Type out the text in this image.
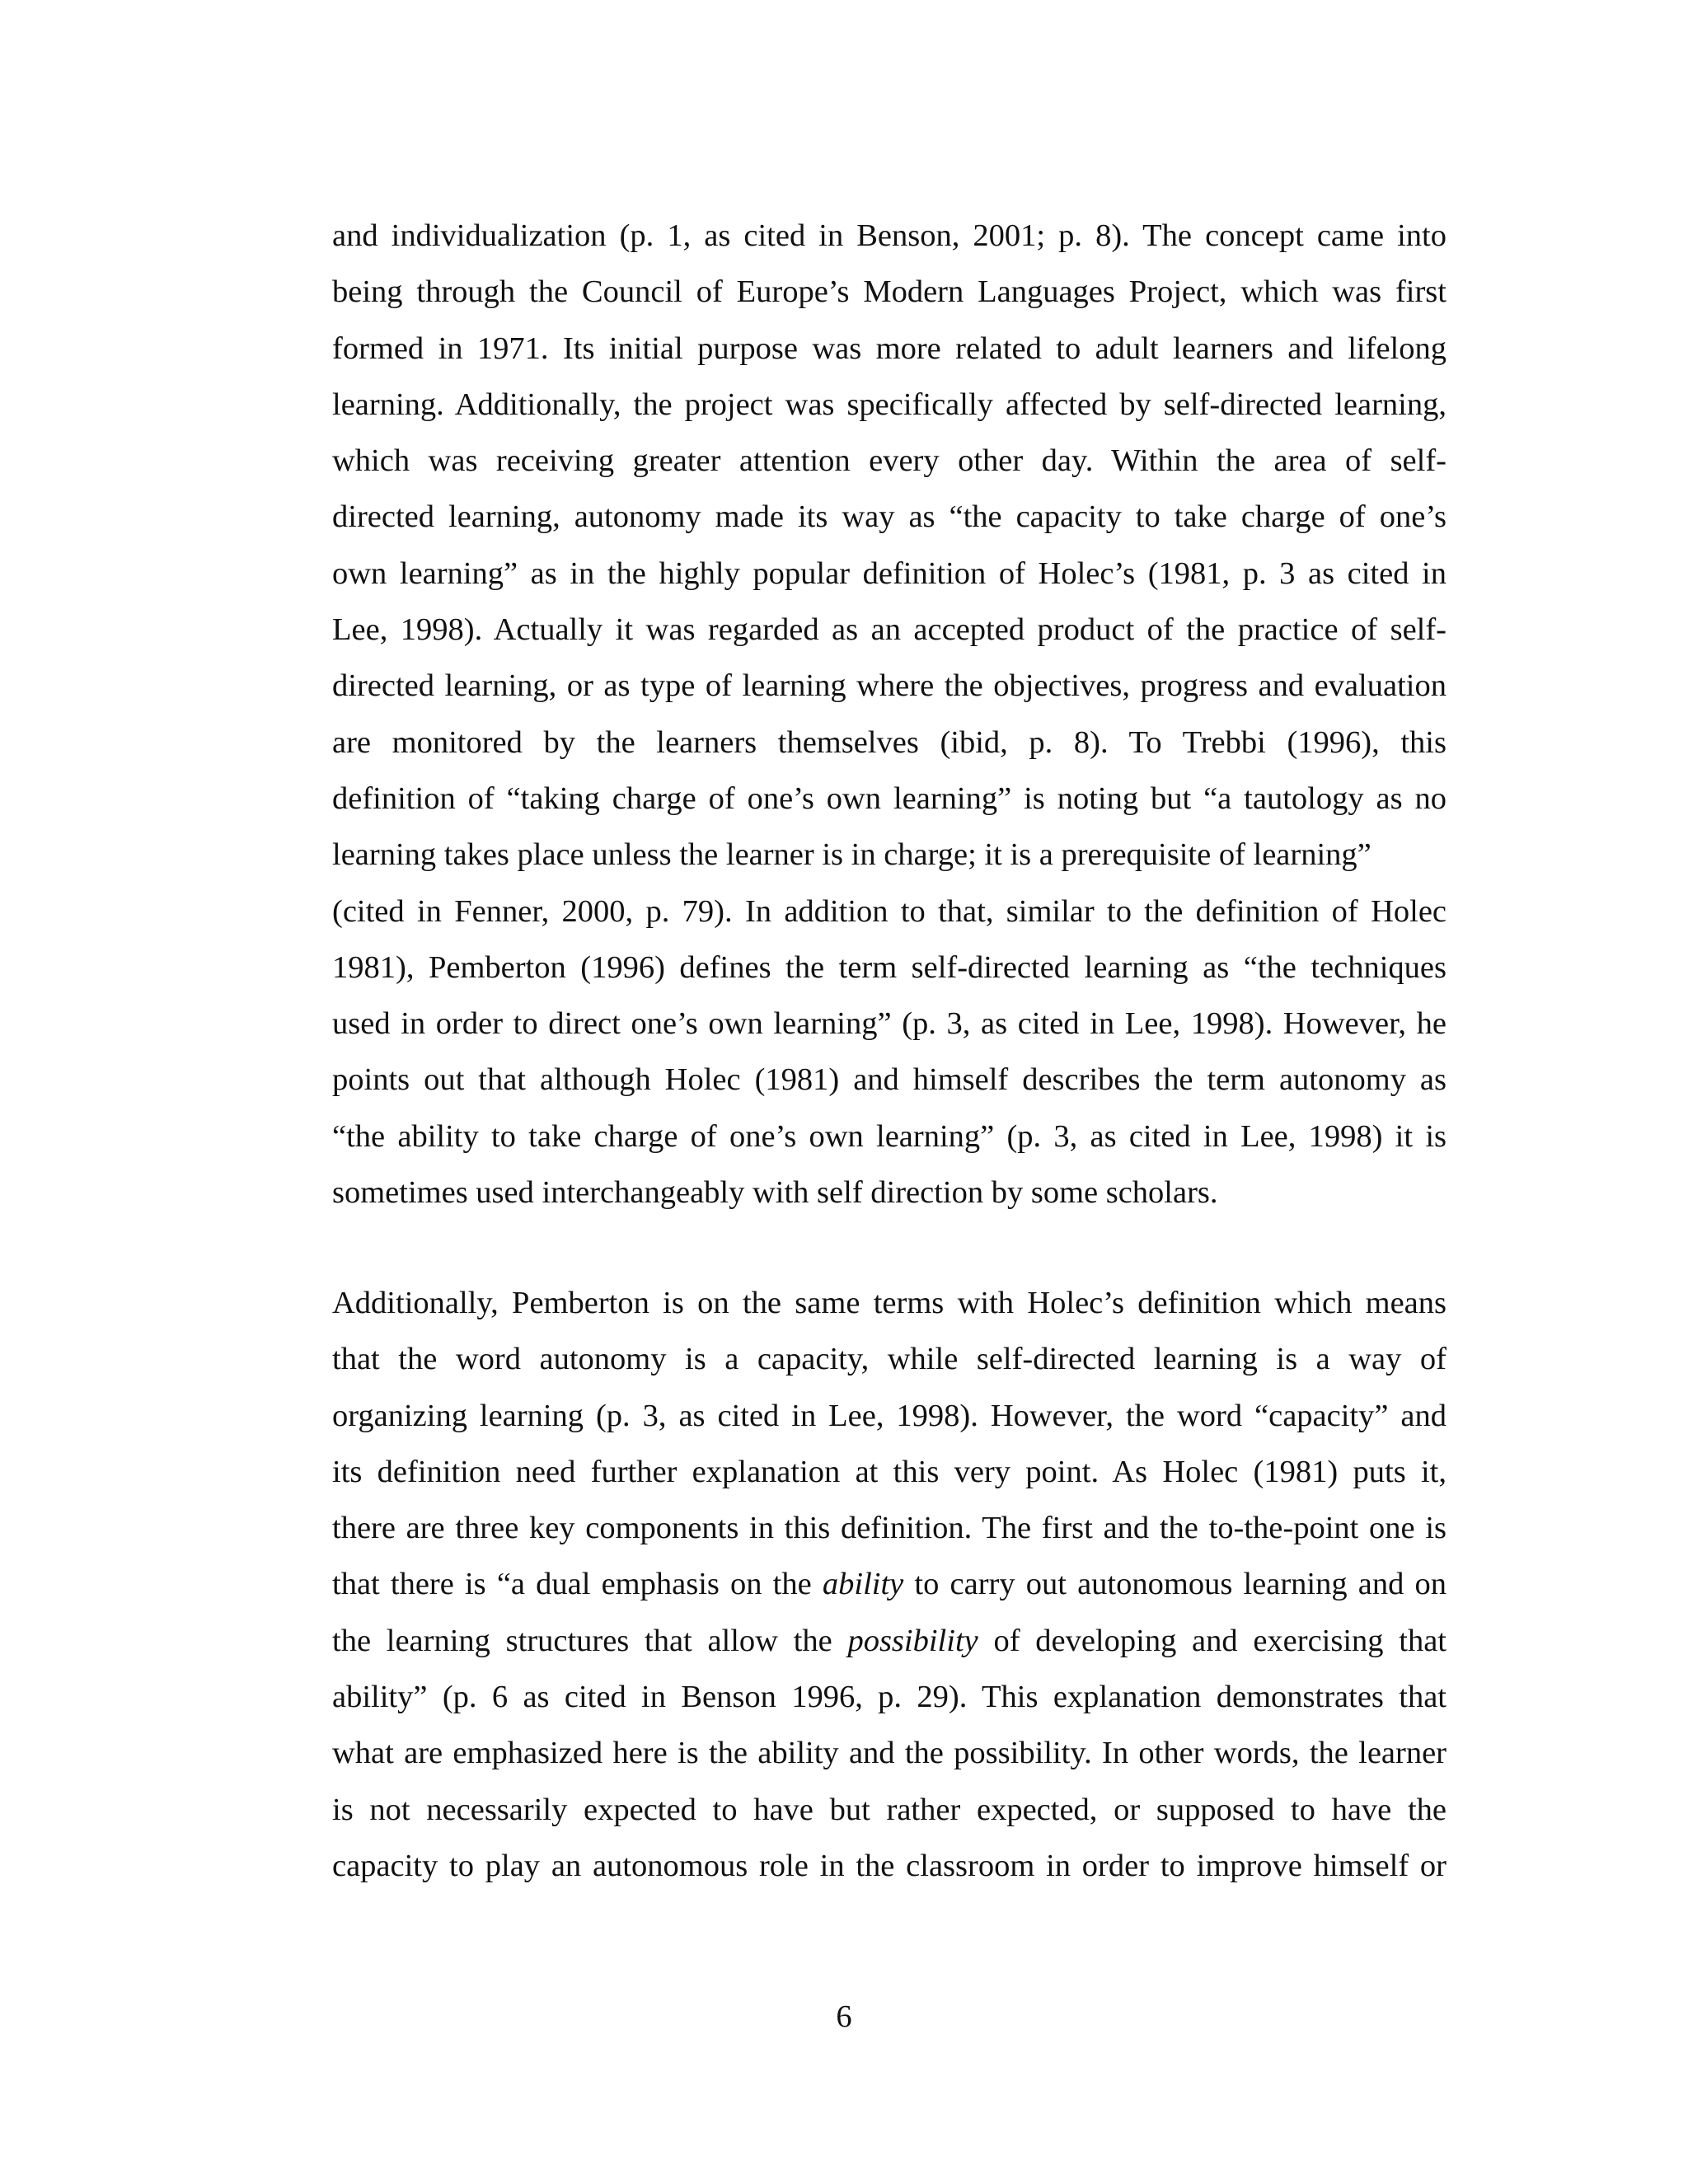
and individualization (p. 1, as cited in Benson, 2001; p. 8). The concept came into
being through the Council of Europe’s Modern Languages Project, which was first
formed in 1971. Its initial purpose was more related to adult learners and lifelong
learning. Additionally, the project was specifically affected by self-directed learning,
which was receiving greater attention every other day. Within the area of self-
directed learning, autonomy made its way as “the capacity to take charge of one’s
own learning” as in the highly popular definition of Holec’s (1981, p. 3 as cited in
Lee, 1998). Actually it was regarded as an accepted product of the practice of self-
directed learning, or as type of learning where the objectives, progress and evaluation
are monitored by the learners themselves (ibid, p. 8). To Trebbi (1996), this
definition of “taking charge of one’s own learning” is noting but “a tautology as no
learning takes place unless the learner is in charge; it is a prerequisite of learning”
(cited in Fenner, 2000, p. 79). In addition to that, similar to the definition of Holec
1981), Pemberton (1996) defines the term self-directed learning as “the techniques
used in order to direct one’s own learning” (p. 3, as cited in Lee, 1998). However, he
points out that although Holec (1981) and himself describes the term autonomy as
“the ability to take charge of one’s own learning” (p. 3, as cited in Lee, 1998) it is
sometimes used interchangeably with self direction by some scholars.
Additionally, Pemberton is on the same terms with Holec’s definition which means
that the word autonomy is a capacity, while self-directed learning is a way of
organizing learning (p. 3, as cited in Lee, 1998). However, the word “capacity” and
its definition need further explanation at this very point. As Holec (1981) puts it,
there are three key components in this definition. The first and the to-the-point one is
that there is “a dual emphasis on the ability to carry out autonomous learning and on
the learning structures that allow the possibility of developing and exercising that
ability” (p. 6 as cited in Benson 1996, p. 29). This explanation demonstrates that
what are emphasized here is the ability and the possibility. In other words, the learner
is not necessarily expected to have but rather expected, or supposed to have the
capacity to play an autonomous role in the classroom in order to improve himself or
6
